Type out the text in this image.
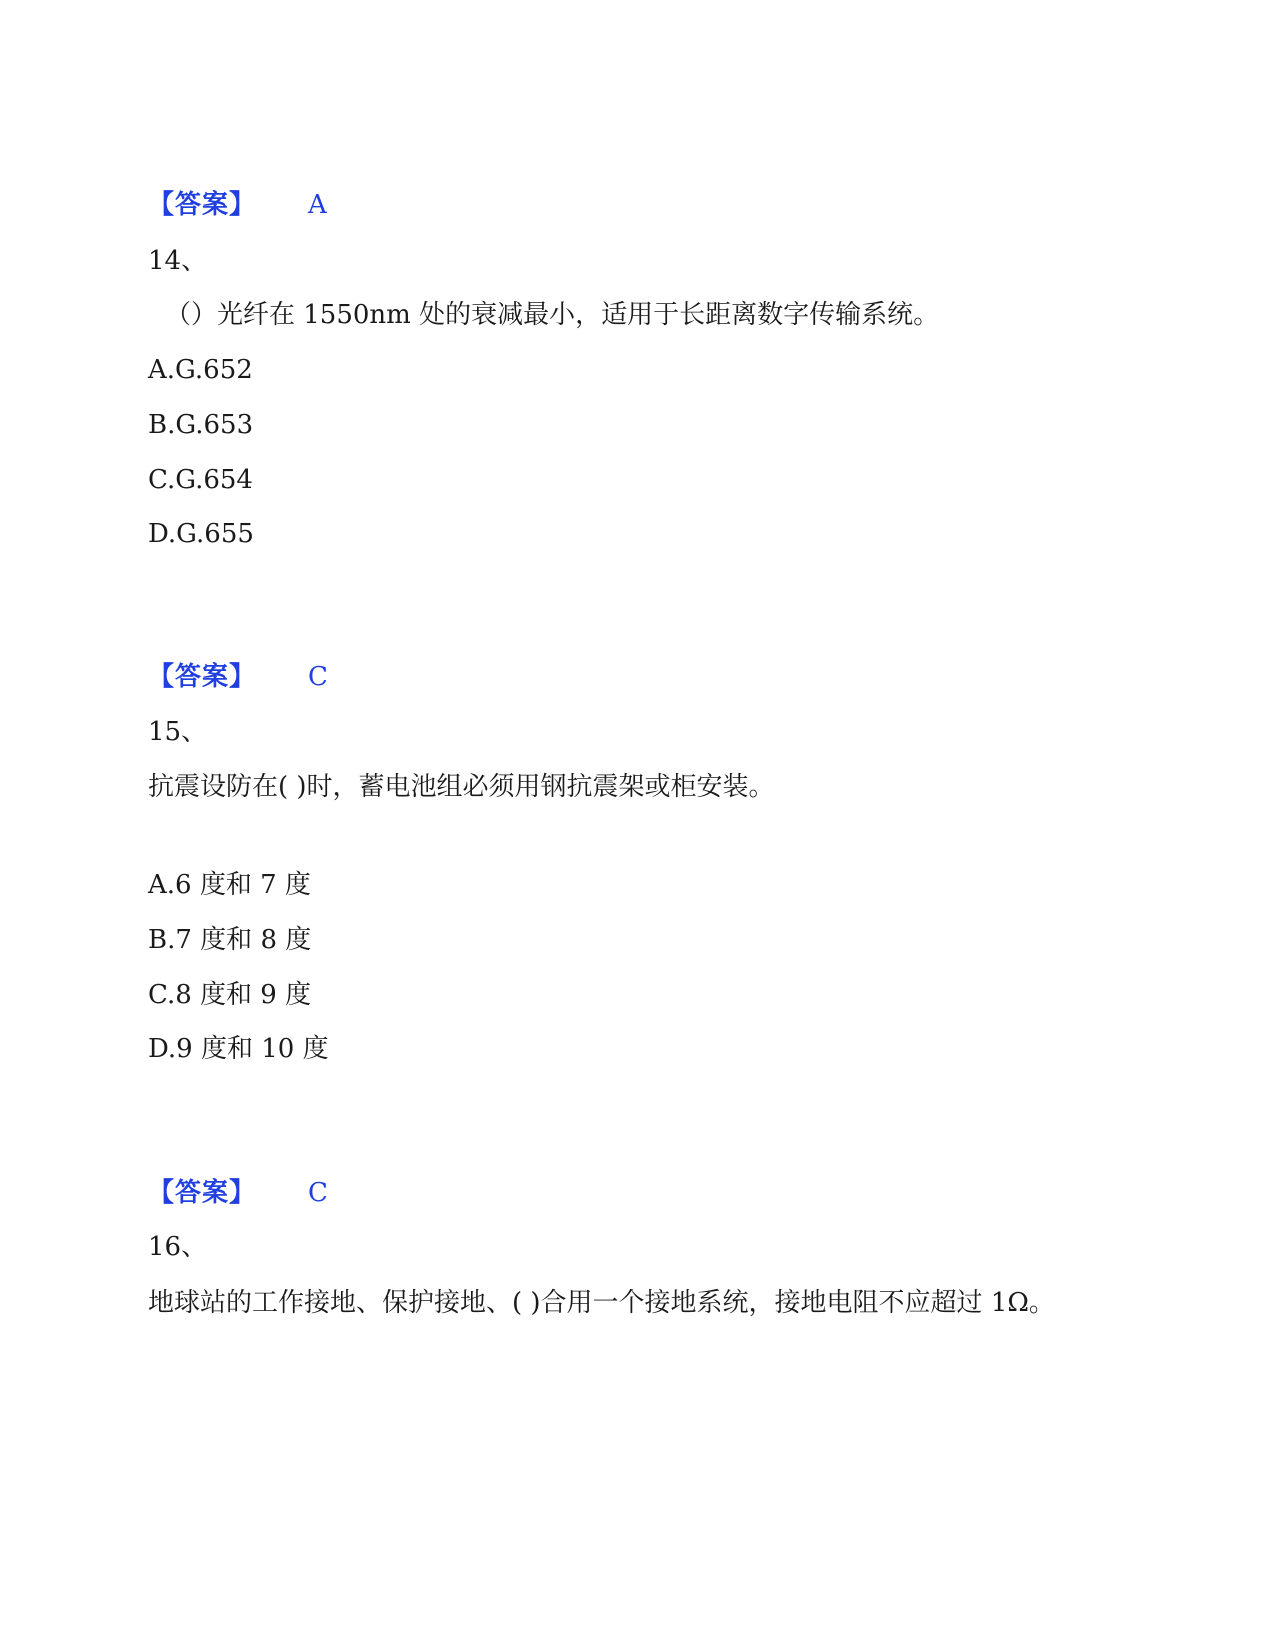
【答案】 A
14、
（）光纤在 1550nm 处的衰减最小，适用于长距离数字传输系统。
A.G.652
B.G.653
C.G.654
D.G.655
【答案】 C
15、
抗震设防在( )时，蓄电池组必须用钢抗震架或柜安装。
A.6 度和 7 度
B.7 度和 8 度
C.8 度和 9 度
D.9 度和 10 度
【答案】 C
16、
地球站的工作接地、保护接地、( )合用一个接地系统，接地电阻不应超过 1Ω。
